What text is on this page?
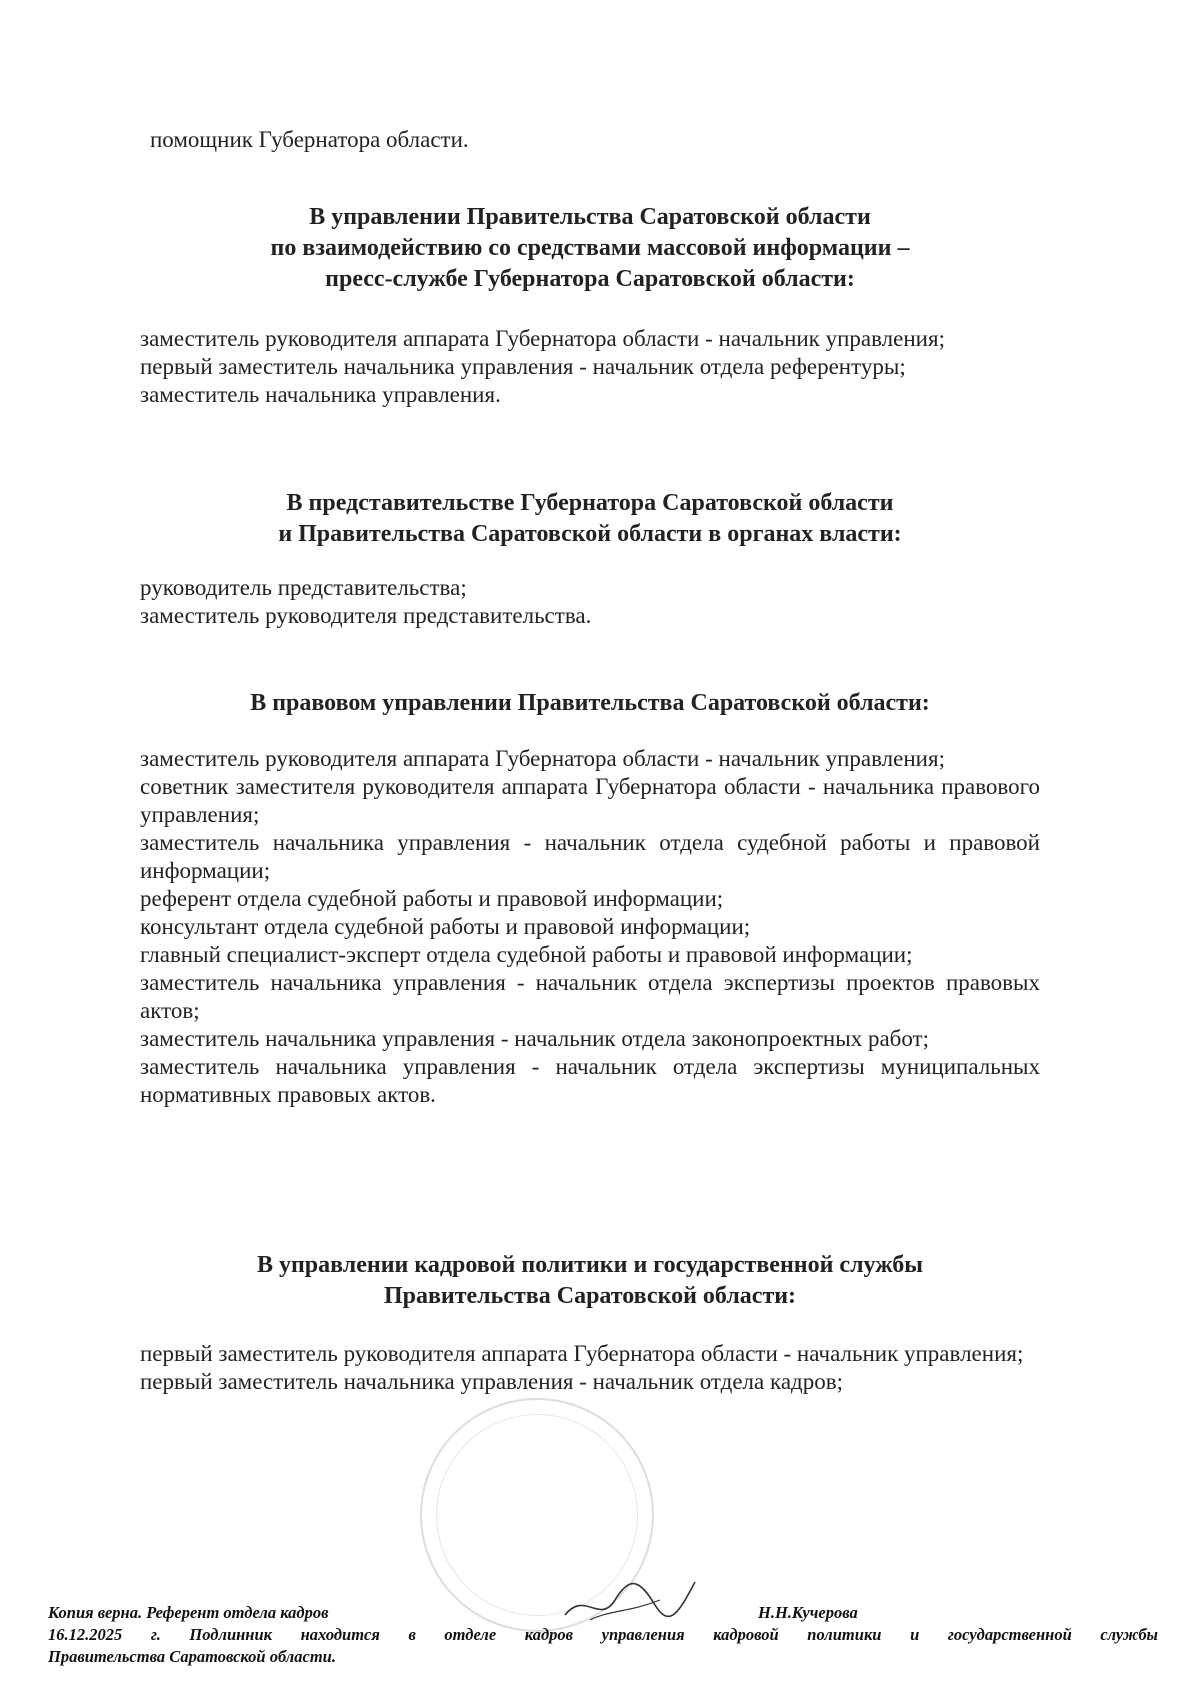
помощник Губернатора области.
В управлении Правительства Саратовской области
по взаимодействию со средствами массовой информации –
пресс-службе Губернатора Саратовской области:
заместитель руководителя аппарата Губернатора области - начальник управления;
первый заместитель начальника управления - начальник отдела референтуры;
заместитель начальника управления.
В представительстве Губернатора Саратовской области
и Правительства Саратовской области в органах власти:
руководитель представительства;
заместитель руководителя представительства.
В правовом управлении Правительства Саратовской области:
заместитель руководителя аппарата Губернатора области - начальник управления;
советник заместителя руководителя аппарата Губернатора области - начальника правового управления;
заместитель начальника управления - начальник отдела судебной работы и правовой информации;
референт отдела судебной работы и правовой информации;
консультант отдела судебной работы и правовой информации;
главный специалист-эксперт отдела судебной работы и правовой информации;
заместитель начальника управления - начальник отдела экспертизы проектов правовых актов;
заместитель начальника управления - начальник отдела законопроектных работ;
заместитель начальника управления - начальник отдела экспертизы муниципальных нормативных правовых актов.
В управлении кадровой политики и государственной службы
Правительства Саратовской области:
первый заместитель руководителя аппарата Губернатора области - начальник управления;
первый заместитель начальника управления - начальник отдела кадров;
Копия верна. Референт отдела кадров	Н.Н.Кучерова
16.12.2025 г. Подлинник находится в отделе кадров управления кадровой политики и государственной службы
Правительства Саратовской области.
